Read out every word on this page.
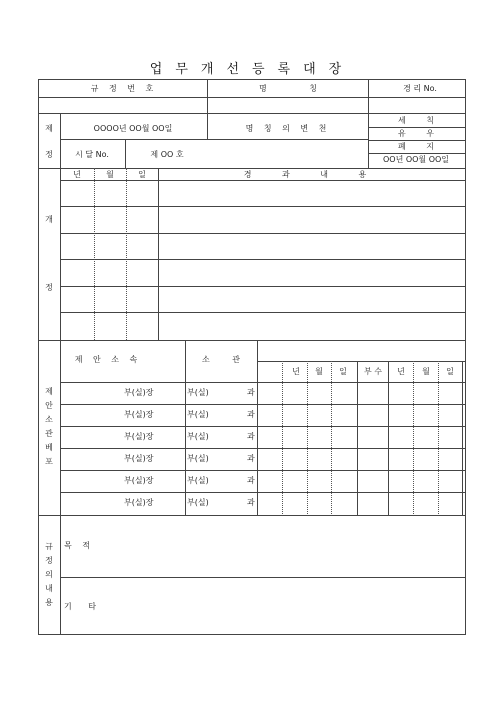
업무개선등록대장
규 정 번 호	명 칭	경 리 No.
제
정
OOOO년 OO월 OO일	명 칭 의 변 천
시 달 No.	제 OO 호
세 칙
유 우
폐 지
OO년 OO월 OO일
개
정
년	월	일	경 과 내 용
제안소관베포
제 안 소 속	소 관
년 월 일 부 수 년 월 일
부(실)장	부(실)	과
부(실)장	부(실)	과
부(실)장	부(실)	과
부(실)장	부(실)	과
부(실)장	부(실)	과
부(실)장	부(실)	과
규정의내용
목 적
기 타
